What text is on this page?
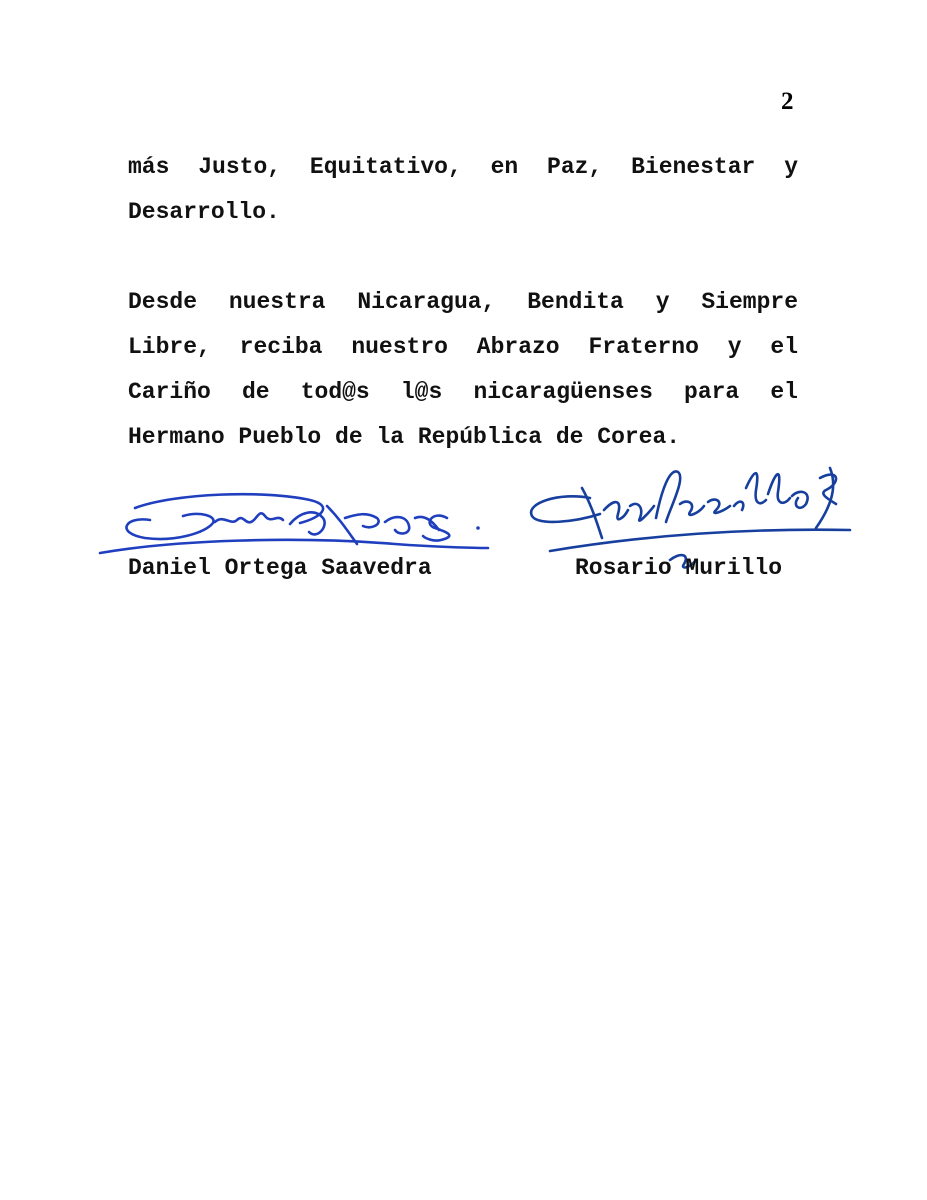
2
más Justo, Equitativo, en Paz, Bienestar y
Desarrollo.
Desde nuestra Nicaragua, Bendita y Siempre
Libre, reciba nuestro Abrazo Fraterno y el
Cariño de tod@s l@s nicaragüenses para el
Hermano Pueblo de la República de Corea.
Daniel Ortega Saavedra	Rosario Murillo
